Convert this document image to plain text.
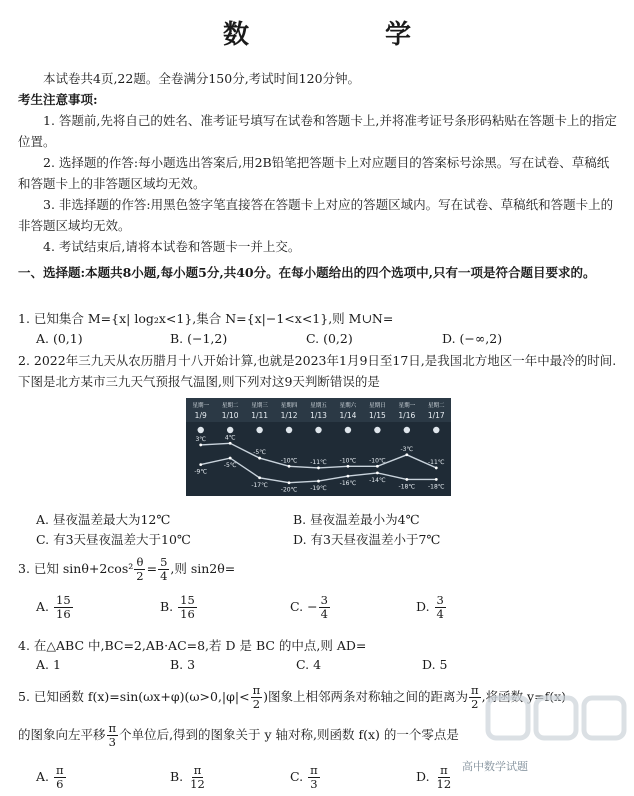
数　　学
本试卷共4页,22题。全卷满分150分,考试时间120分钟。
考生注意事项:
1. 答题前,先将自己的姓名、准考证号填写在试卷和答题卡上,并将准考证号条形码粘贴在答题卡上的指定位置。
2. 选择题的作答:每小题选出答案后,用2B铅笔把答题卡上对应题目的答案标号涂黑。写在试卷、草稿纸和答题卡上的非答题区域均无效。
3. 非选择题的作答:用黑色签字笔直接答在答题卡上对应的答题区域内。写在试卷、草稿纸和答题卡上的非答题区域均无效。
4. 考试结束后,请将本试卷和答题卡一并上交。
一、选择题:本题共8小题,每小题5分,共40分。在每小题给出的四个选项中,只有一项是符合题目要求的。
1. 已知集合 M={x| log₂x<1},集合 N={x|−1<x<1},则 M∪N=
A. (0,1)	B. (−1,2)	C. (0,2)	D. (−∞,2)
2. 2022年三九天从农历腊月十八开始计算,也就是2023年1月9日至17日,是我国北方地区一年中最冷的时间.下图是北方某市三九天气预报气温图,则下列对这9天判断错误的是
星期一
1/9
星期二
1/10
星期三
1/11
星期四
1/12
星期五
1/13
星期六
1/14
星期日
1/15
星期一
1/16
星期二
1/17
3℃	4℃
-5℃
-10℃ -11℃ -10℃ -10℃
-3℃
-11℃
-9℃
-5℃
-17℃
-20℃ -19℃
-16℃ -14℃
-18℃ -18℃
A. 昼夜温差最大为12℃	B. 昼夜温差最小为4℃
C. 有3天昼夜温差大于10℃	D. 有3天昼夜温差小于7℃
3. 已知 $\sin\theta+2\cos^2 \frac{\theta}{2} = \frac{5}{4}$ ,则 sin2θ=
A. $\frac{15}{16}$	B. $\frac{15}{16}$	C. − $\frac{3}{4}$	D. $\frac{3}{4}$
4. 在△ABC 中,BC=2,AB·AC=8,若 D 是 BC 的中点,则 AD=
A. 1	B. 3	C. 4	D. 5
5. 已知函数 $f(x)=\sin(\omega x+\varphi)(\omega>0,|\varphi|< \frac{\pi}{2}$ )图象上相邻两条对称轴之间的距离为 $\frac{\pi}{2}$ ,将函数 y=f(x)
的图象向左平移 $\frac{\pi}{3}$ 个单位后,得到的图象关于 y 轴对称,则函数 f(x) 的一个零点是
A. $\frac{\pi}{6}$	B. $\frac{\pi}{12}$	C. $\frac{\pi}{3}$	D. $\frac{\pi}{12}$ 高中数学试题
